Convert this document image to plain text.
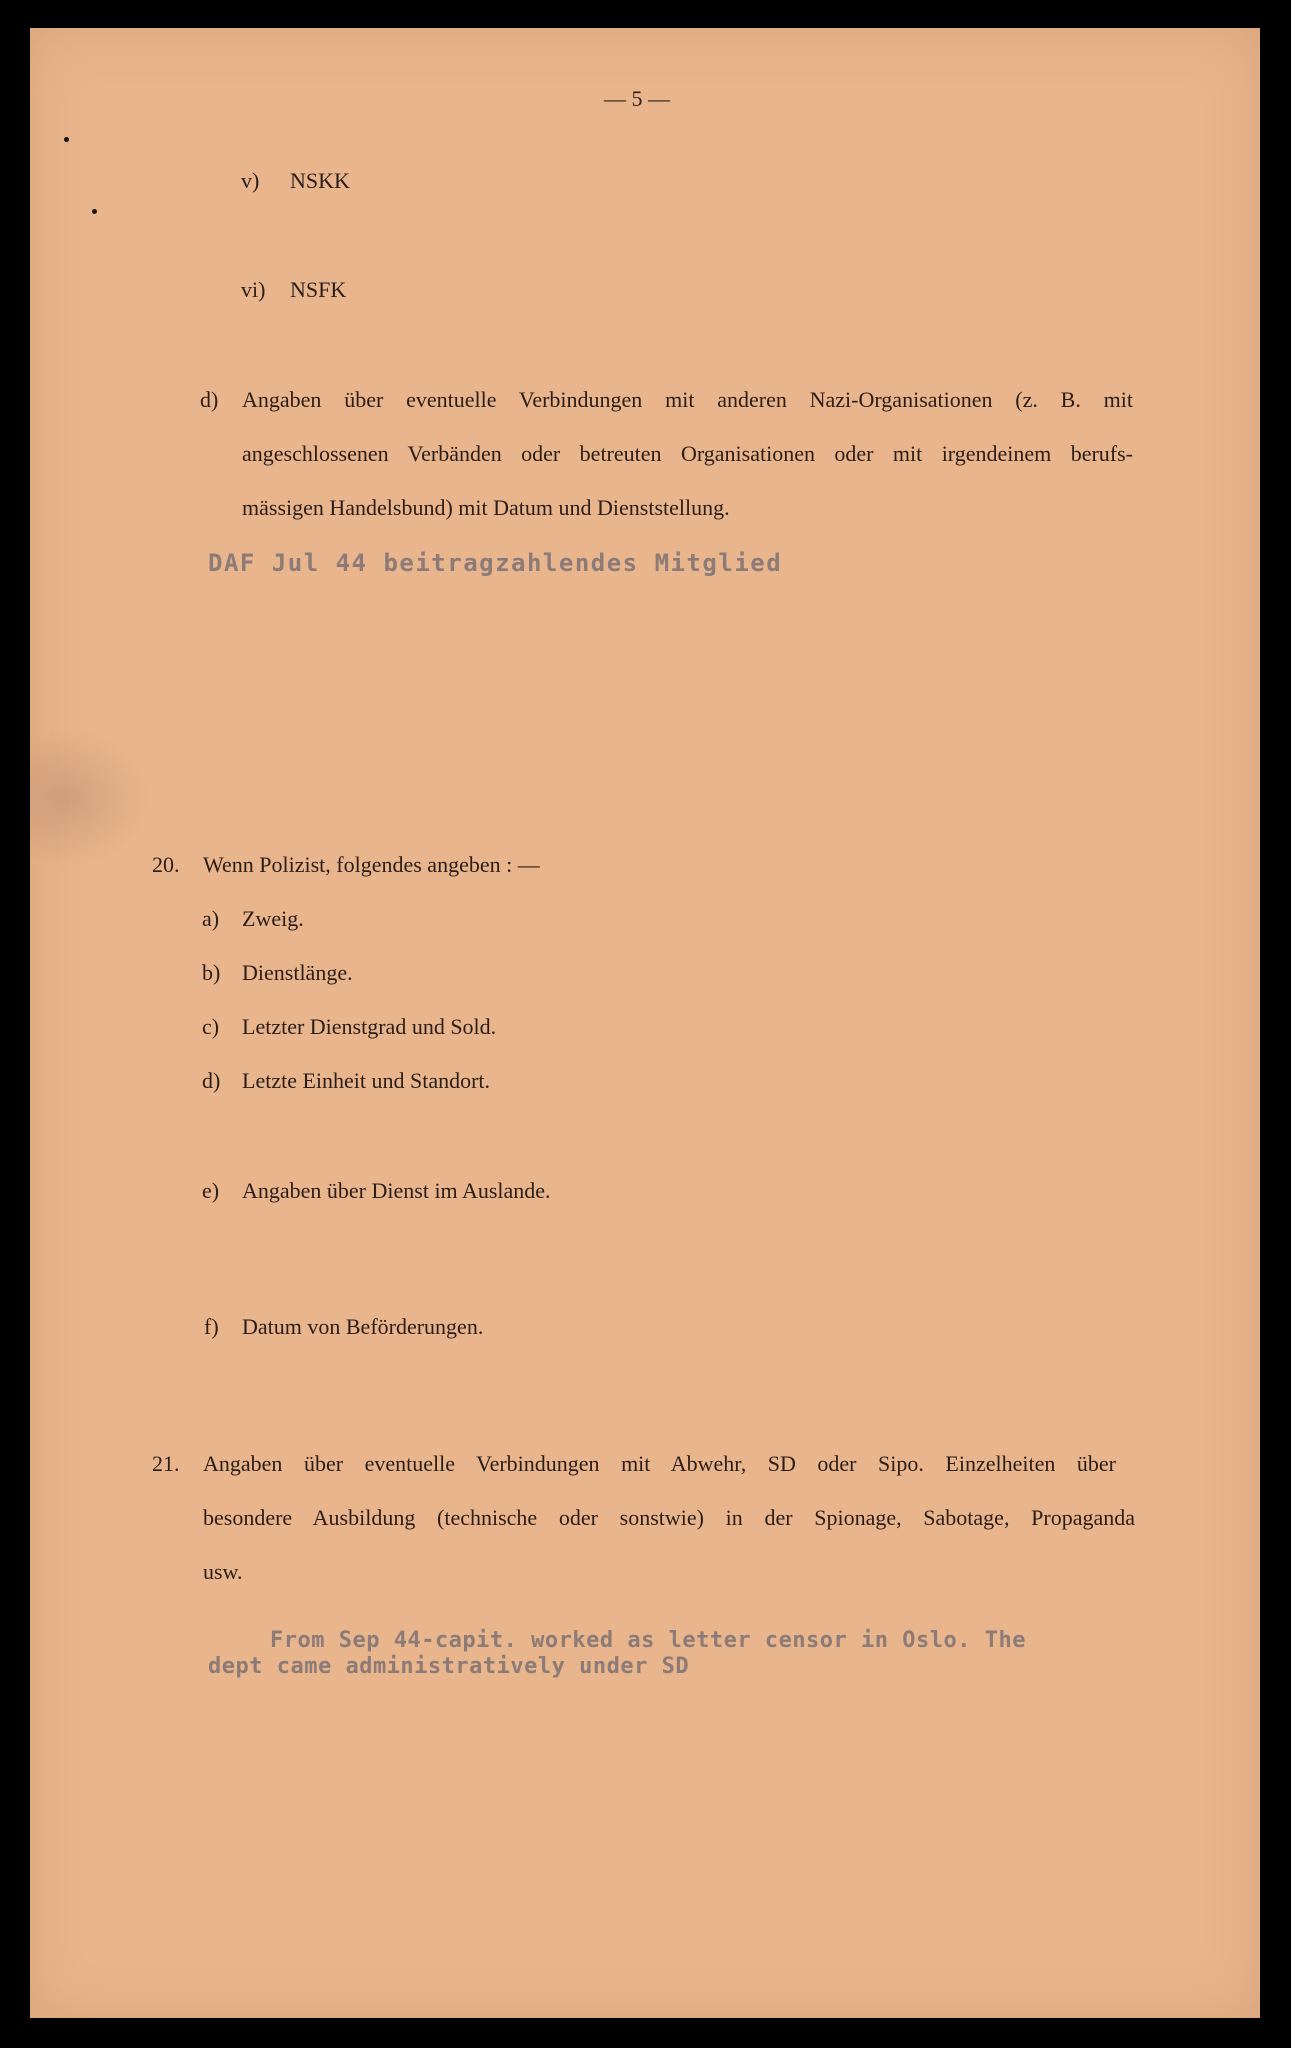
— 5 —
v) NSKK
vi) NSFK
d) Angaben über eventuelle Verbindungen mit anderen Nazi-Organisationen (z. B. mit
angeschlossenen Verbänden oder betreuten Organisationen oder mit irgendeinem berufs-
mässigen Handelsbund) mit Datum und Dienststellung.
DAF Jul 44 beitragzahlendes Mitglied
20. Wenn Polizist, folgendes angeben : —
a) Zweig.
b) Dienstlänge.
c) Letzter Dienstgrad und Sold.
d) Letzte Einheit und Standort.
e) Angaben über Dienst im Auslande.
f) Datum von Beförderungen.
21. Angaben über eventuelle Verbindungen mit Abwehr, SD oder Sipo. Einzelheiten über
besondere Ausbildung (technische oder sonstwie) in der Spionage, Sabotage, Propaganda
usw.
From Sep 44-capit. worked as letter censor in Oslo. The
dept came administratively under SD
